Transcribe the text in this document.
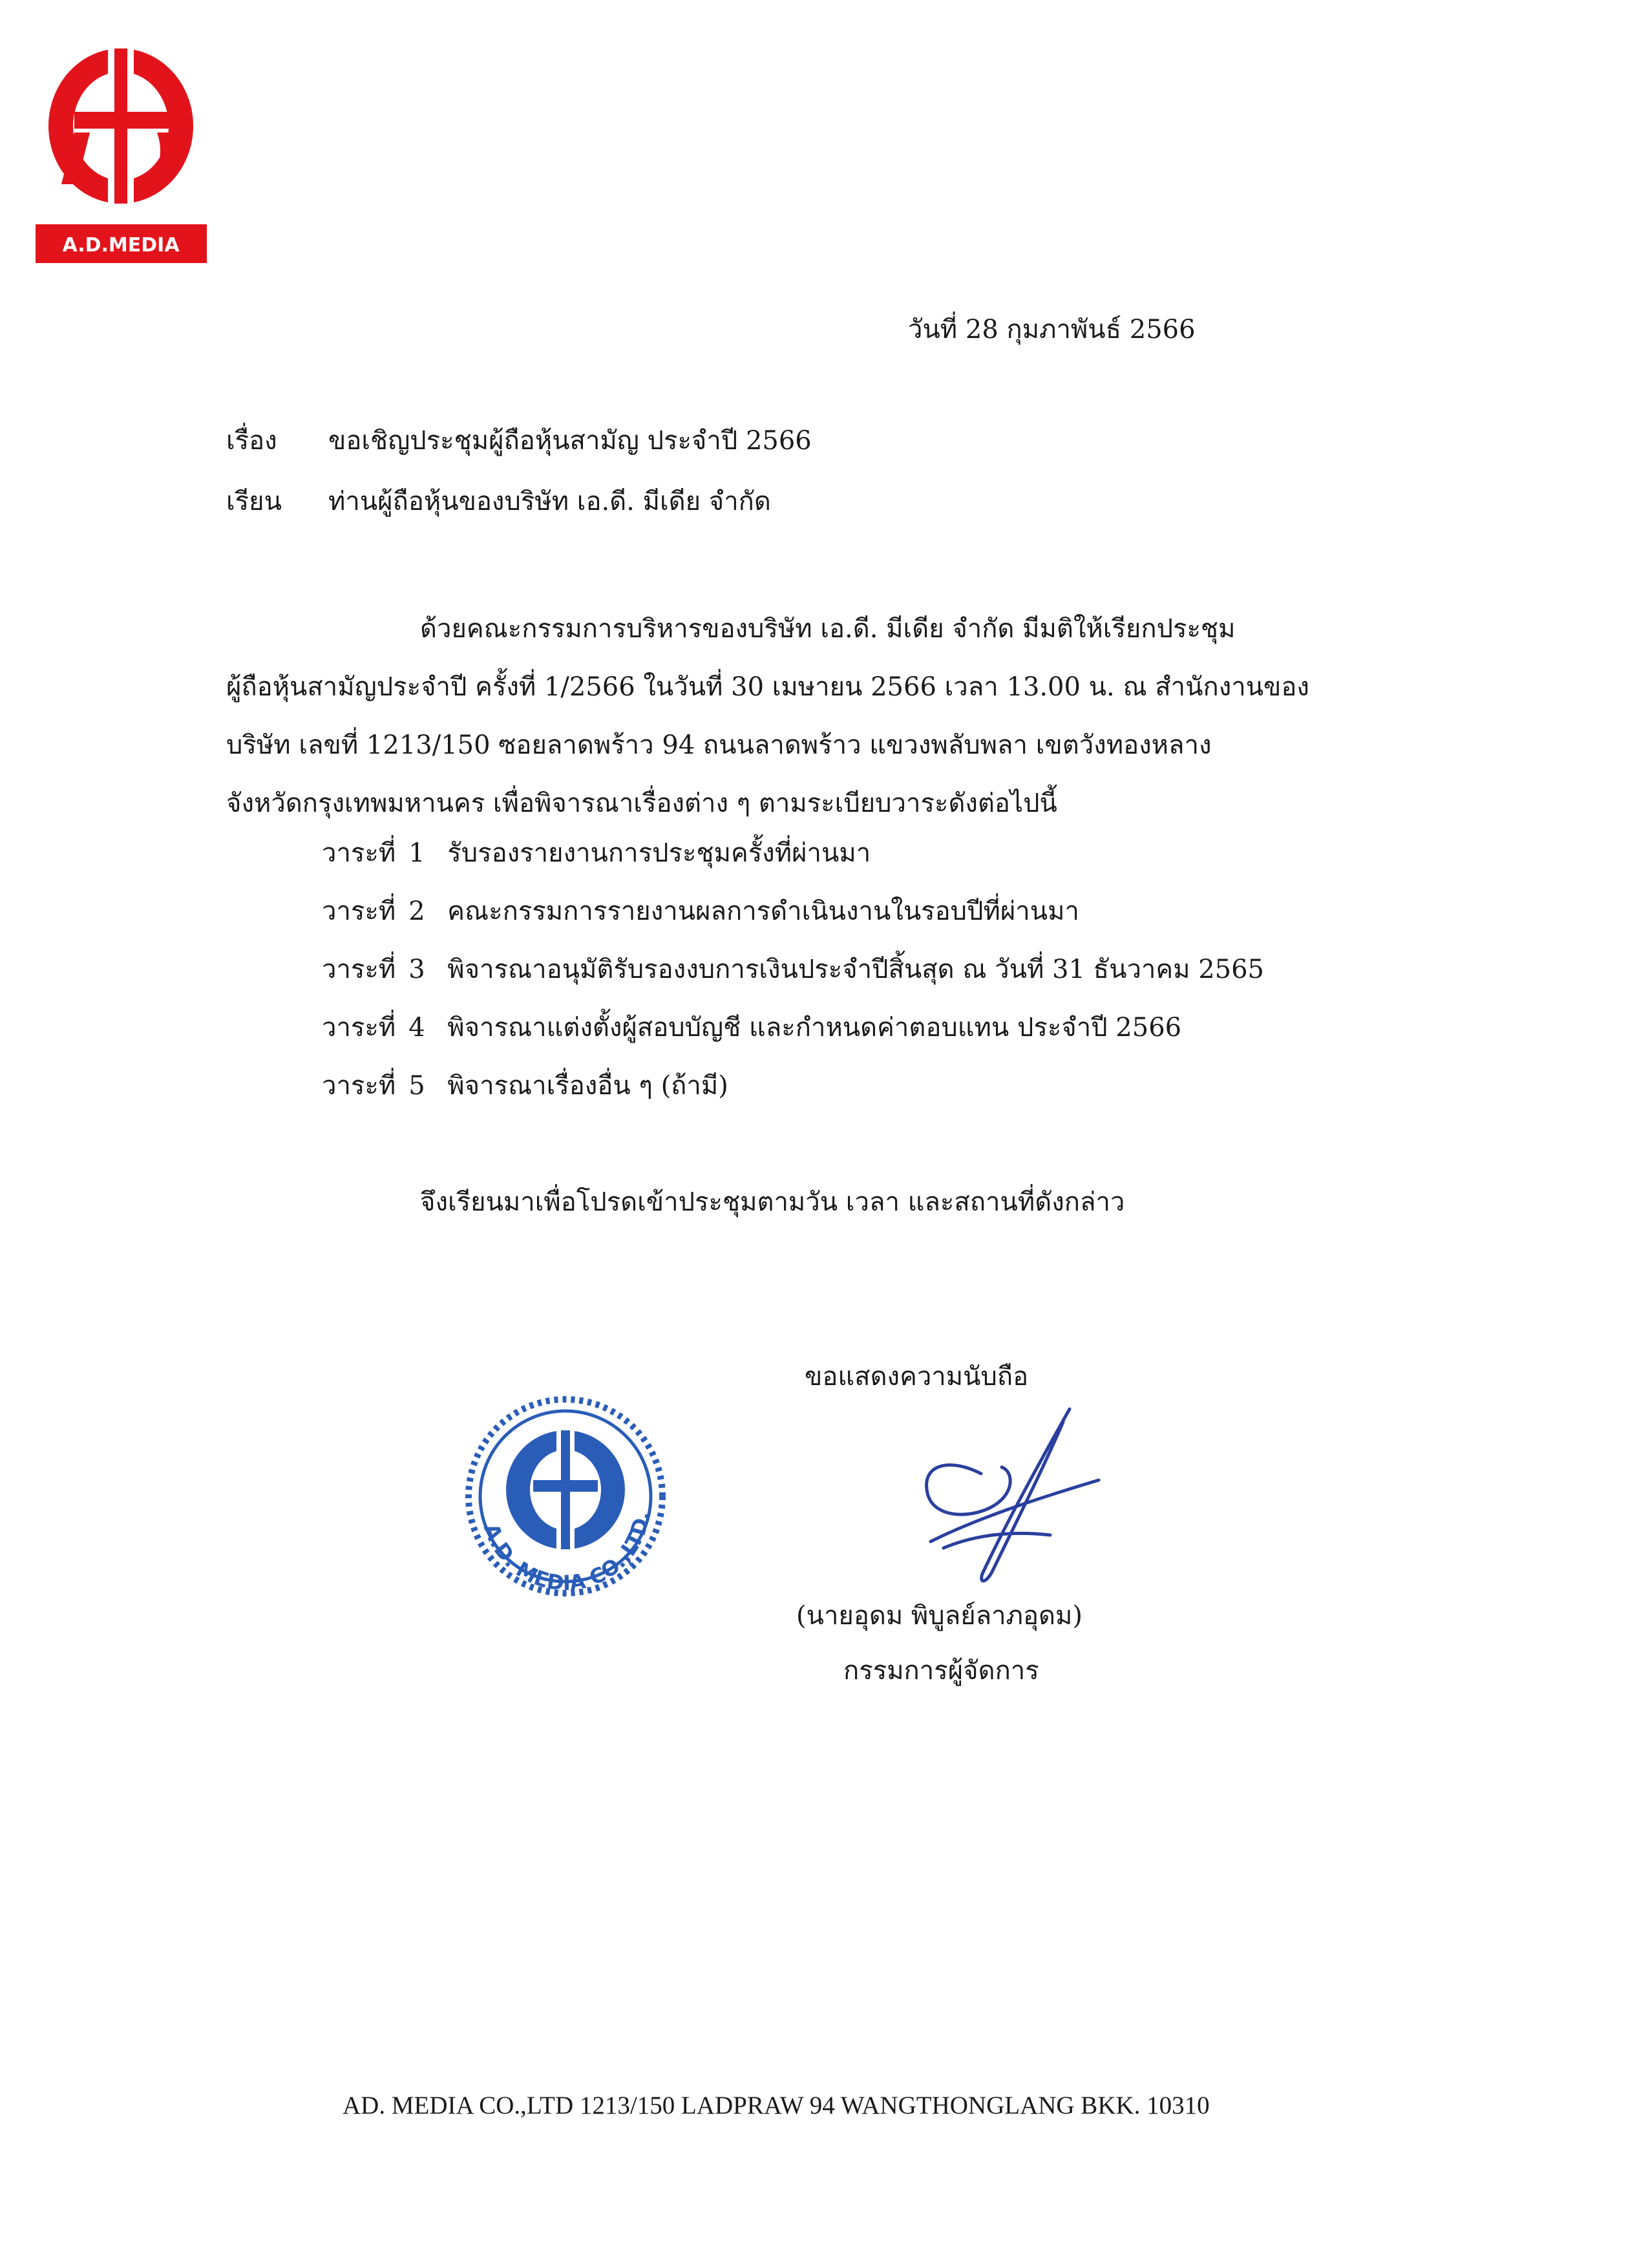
A.D.MEDIA
วันที่ 28 กุมภาพันธ์ 2566
เรื่อง ขอเชิญประชุมผู้ถือหุ้นสามัญ ประจำปี 2566
เรียน ท่านผู้ถือหุ้นของบริษัท เอ.ดี. มีเดีย จำกัด
ด้วยคณะกรรมการบริหารของบริษัท เอ.ดี. มีเดีย จำกัด มีมติให้เรียกประชุม
ผู้ถือหุ้นสามัญประจำปี ครั้งที่ 1/2566 ในวันที่ 30 เมษายน 2566 เวลา 13.00 น. ณ สำนักงานของ
บริษัท เลขที่ 1213/150 ซอยลาดพร้าว 94 ถนนลาดพร้าว แขวงพลับพลา เขตวังทองหลาง
จังหวัดกรุงเทพมหานคร เพื่อพิจารณาเรื่องต่าง ๆ ตามระเบียบวาระดังต่อไปนี้
วาระที่ 1 รับรองรายงานการประชุมครั้งที่ผ่านมา
วาระที่ 2 คณะกรรมการรายงานผลการดำเนินงานในรอบปีที่ผ่านมา
วาระที่ 3 พิจารณาอนุมัติรับรองงบการเงินประจำปีสิ้นสุด ณ วันที่ 31 ธันวาคม 2565
วาระที่ 4 พิจารณาแต่งตั้งผู้สอบบัญชี และกำหนดค่าตอบแทน ประจำปี 2566
วาระที่ 5 พิจารณาเรื่องอื่น ๆ (ถ้ามี)
จึงเรียนมาเพื่อโปรดเข้าประชุมตามวัน เวลา และสถานที่ดังกล่าว
ขอแสดงความนับถือ
A.D. MEDIA CO.,LTD.
(นายอุดม พิบูลย์ลาภอุดม)
กรรมการผู้จัดการ
AD. MEDIA CO.,LTD 1213/150 LADPRAW 94 WANGTHONGLANG BKK. 10310
